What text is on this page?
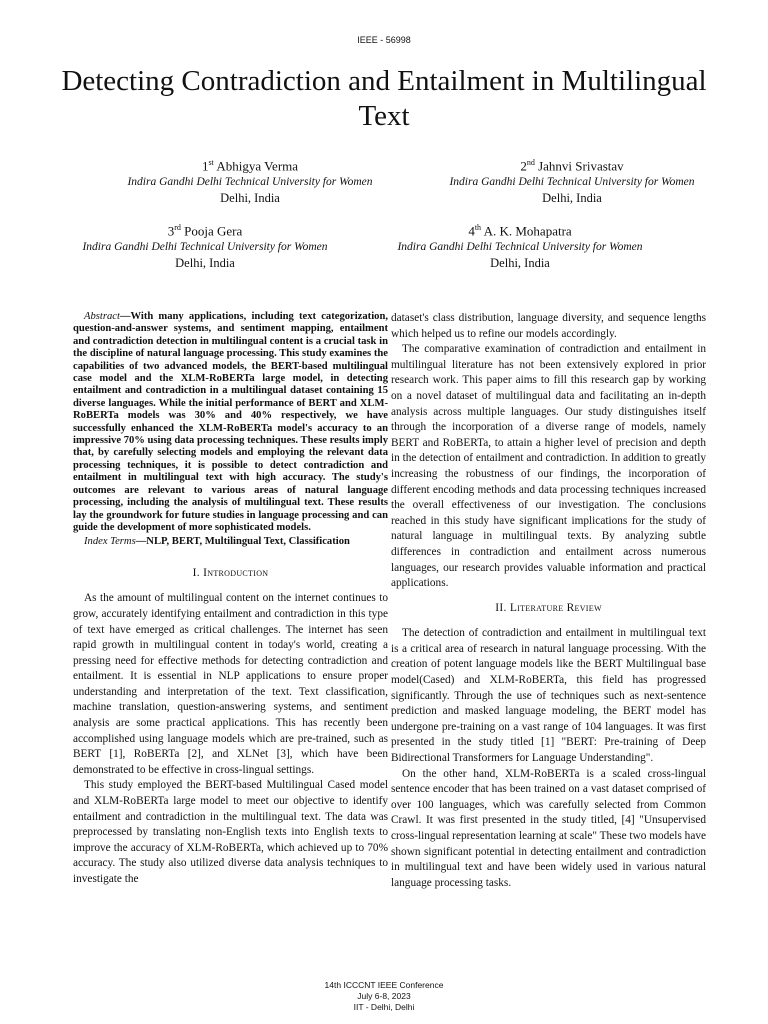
IEEE - 56998
Detecting Contradiction and Entailment in Multilingual Text
1st Abhigya Verma
Indira Gandhi Delhi Technical University for Women
Delhi, India
2nd Jahnvi Srivastav
Indira Gandhi Delhi Technical University for Women
Delhi, India
3rd Pooja Gera
Indira Gandhi Delhi Technical University for Women
Delhi, India
4th A. K. Mohapatra
Indira Gandhi Delhi Technical University for Women
Delhi, India

Abstract—With many applications, including text categorization, question-and-answer systems, and sentiment mapping, entailment and contradiction detection in multilingual content is a crucial task in the discipline of natural language processing. This study examines the capabilities of two advanced models, the BERT-based multilingual case model and the XLM-RoBERTa large model, in detecting entailment and contradiction in a multilingual dataset containing 15 diverse languages. While the initial performance of BERT and XLM-RoBERTa models was 30% and 40% respectively, we have successfully enhanced the XLM-RoBERTa model's accuracy to an impressive 70% using data processing techniques. These results imply that, by carefully selecting models and employing the relevant data processing techniques, it is possible to detect contradiction and entailment in multilingual text with high accuracy. The study's outcomes are relevant to various areas of natural language processing, including the analysis of multilingual text. These results lay the groundwork for future studies in language processing and can guide the development of more sophisticated models.

Index Terms—NLP, BERT, Multilingual Text, Classification

I. Introduction

As the amount of multilingual content on the internet continues to grow, accurately identifying entailment and contradiction in this type of text have emerged as critical challenges. The internet has seen rapid growth in multilingual content in today's world, creating a pressing need for effective methods for detecting contradiction and entailment. It is essential in NLP applications to ensure proper understanding and interpretation of the text. Text classification, machine translation, question-answering systems, and sentiment analysis are some practical applications. This has recently been accomplished using language models which are pre-trained, such as BERT [1], RoBERTa [2], and XLNet [3], which have been demonstrated to be effective in cross-lingual settings.

This study employed the BERT-based Multilingual Cased model and XLM-RoBERTa large model to meet our objective to identify entailment and contradiction in the multilingual text. The data was preprocessed by translating non-English texts into English texts to improve the accuracy of XLM-RoBERTa, which achieved up to 70% accuracy. The study also utilized diverse data analysis techniques to investigate the

dataset's class distribution, language diversity, and sequence lengths which helped us to refine our models accordingly.

The comparative examination of contradiction and entailment in multilingual literature has not been extensively explored in prior research work. This paper aims to fill this research gap by working on a novel dataset of multilingual data and facilitating an in-depth analysis across multiple languages. Our study distinguishes itself through the incorporation of a diverse range of models, namely BERT and RoBERTa, to attain a higher level of precision and depth in the detection of entailment and contradiction. In addition to greatly increasing the robustness of our findings, the incorporation of different encoding methods and data processing techniques increased the overall effectiveness of our investigation. The conclusions reached in this study have significant implications for the study of natural language in multilingual texts. By analyzing subtle differences in contradiction and entailment across numerous languages, our research provides valuable information and practical applications.

II. Literature Review

The detection of contradiction and entailment in multilingual text is a critical area of research in natural language processing. With the creation of potent language models like the BERT Multilingual base model(Cased) and XLM-RoBERTa, this field has progressed significantly. Through the use of techniques such as next-sentence prediction and masked language modeling, the BERT model has undergone pre-training on a vast range of 104 languages. It was first presented in the study titled [1] "BERT: Pre-training of Deep Bidirectional Transformers for Language Understanding".

On the other hand, XLM-RoBERTa is a scaled cross-lingual sentence encoder that has been trained on a vast dataset comprised of over 100 languages, which was carefully selected from Common Crawl. It was first presented in the study titled, [4] "Unsupervised cross-lingual representation learning at scale" These two models have shown significant potential in detecting entailment and contradiction in multilingual text and have been widely used in various natural language processing tasks.

14th ICCCNT IEEE Conference
July 6-8, 2023
IIT - Delhi, Delhi
